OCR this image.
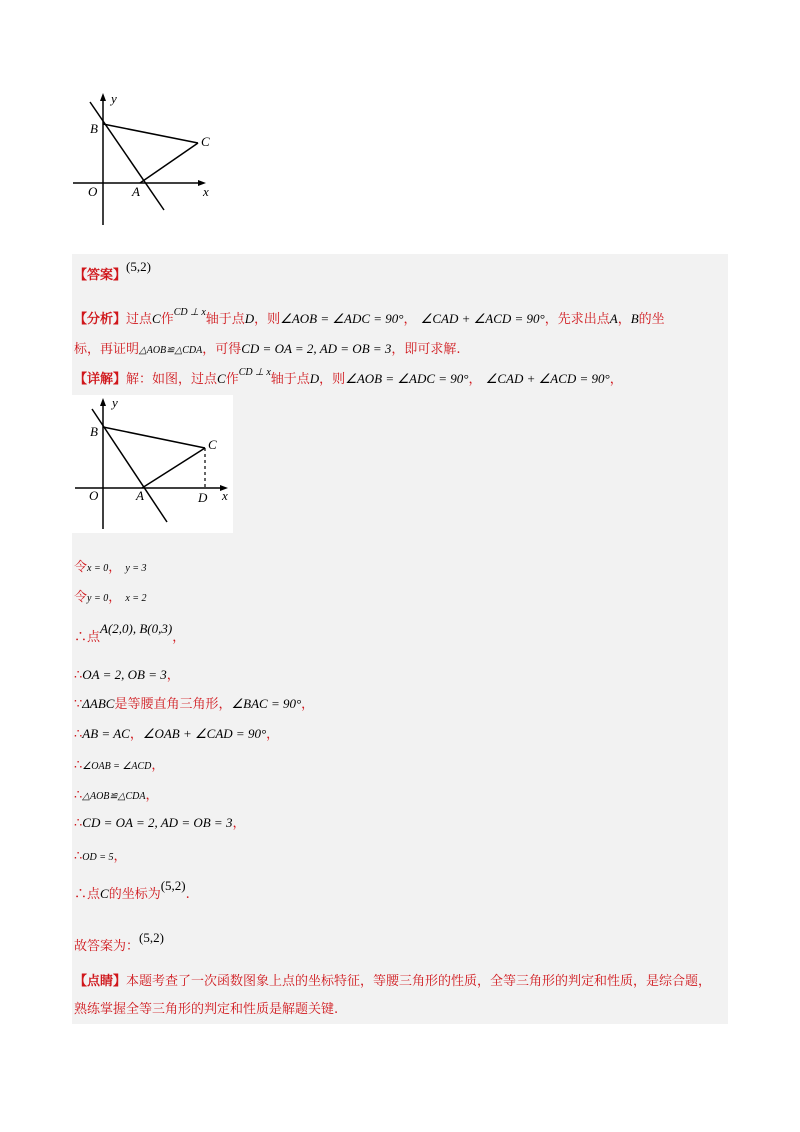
y
B
C
O	A	x
【答案】(5,2)
【分析】过点C作$^{CD \perp x}$轴于点D，则∠AOB = ∠ADC = 90°， ∠CAD + ∠ACD = 90°，先求出点A，B的坐
标，再证明△AOB≌△CDA，可得CD = OA = 2, AD = OB = 3，即可求解.
【详解】解：如图，过点C作$^{CD \perp x}$轴于点D，则∠AOB = ∠ADC = 90°， ∠CAD + ∠ACD = 90°，
y
B
C
O	A	D x
令x = 0， y = 3
令y = 0， x = 2
∴点A(2,0), B(0,3)，
∴OA = 2, OB = 3，
∵ΔABC是等腰直角三角形，∠BAC = 90°，
∴AB = AC，∠OAB + ∠CAD = 90°，
∴∠OAB = ∠ACD，
∴△AOB≌△CDA，
∴CD = OA = 2, AD = OB = 3，
∴OD = 5，
∴点C的坐标为(5,2).
故答案为：(5,2)
【点睛】本题考查了一次函数图象上点的坐标特征，等腰三角形的性质，全等三角形的判定和性质，是综合题，熟练掌握全等三角形的判定和性质是解题关键.
